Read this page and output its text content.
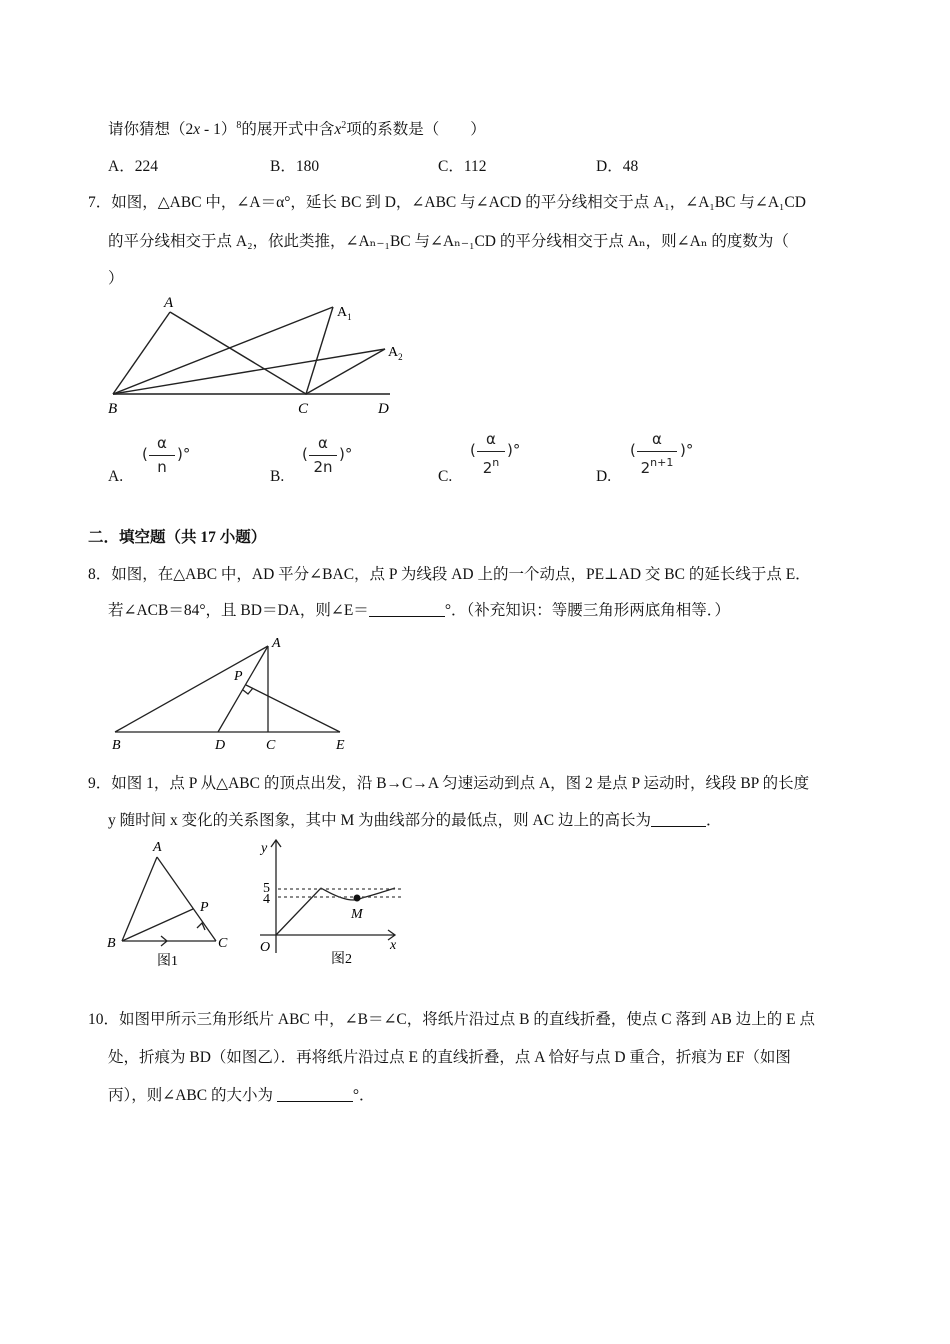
请你猜想（2x - 1）$^8$的展开式中含$x^2$项的系数是（　　）
A．224	B．180	C．112	D．48
7．如图，△ABC 中，∠A＝α°，延长 BC 到 D，∠ABC 与∠ACD 的平分线相交于点 A₁，∠A₁BC 与∠A₁CD
的平分线相交于点 A₂，依此类推，∠Aₙ₋₁BC 与∠Aₙ₋₁CD 的平分线相交于点 Aₙ，则∠Aₙ 的度数为（
）
A
$A_1$
$A_2$
B	C	D
A.
(
α
n
)°
B.
(
α
2n
)°
C.
(
α
2$^n$
)°
D.
(
α
$2^{n+1}$
)°
二．填空题（共 17 小题）
8．如图，在△ABC 中，AD 平分∠BAC，点 P 为线段 AD 上的一个动点，PE⊥AD 交 BC 的延长线于点 E．
若∠ACB＝84°，且 BD＝DA，则∠E＝	°．（补充知识：等腰三角形两底角相等．）
A
P
B	D	C	E
9．如图 1，点 P 从△ABC 的顶点出发，沿 B→C→A 匀速运动到点 A，图 2 是点 P 运动时，线段 BP 的长度
y 随时间 x 变化的关系图象，其中 M 为曲线部分的最低点，则 AC 边上的高长为	．
A
P
B	C
图1
y
x
O
5
4
M
图2
10．如图甲所示三角形纸片 ABC 中，∠B＝∠C，将纸片沿过点 B 的直线折叠，使点 C 落到 AB 边上的 E 点
处，折痕为 BD（如图乙）．再将纸片沿过点 E 的直线折叠，点 A 恰好与点 D 重合，折痕为 EF（如图
丙），则∠ABC 的大小为	°．
